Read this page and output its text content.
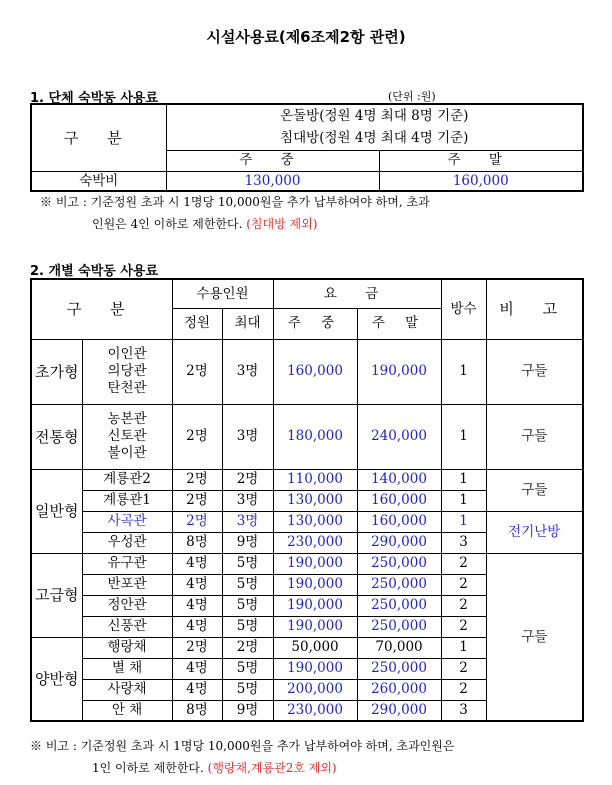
시설사용료(제6조제2항 관련)
1. 단체 숙박동 사용료	(단위 :원)
구 분	온돌방(정원 4명 최대 8명 기준)	
	침대방(정원 4명 최대 4명 기준)	
	주 중	주 말
숙박비	130,000	160,000
※ 비고 : 기준정원 초과 시 1명당 10,000원을 추가 납부하여야 하며, 초과
인원은 4인 이하로 제한한다. (침대방 제외)
2. 개별 숙박동 사용료
구 분		수용인원		요 금		방수	비 고
		정원	최대	주 중	주 말		
초가형	이인관
의당관
탄천관	2명	3명	160,000	190,000	1	구들
전통형	농본관
신토관
불이관	2명	3명	180,000	240,000	1	구들
일반형	계룡관2	2명	2명	110,000	140,000	1	구들
	계룡관1	2명	3명	130,000	160,000	1	
	사곡관	2명	3명	130,000	160,000	1	전기난방
	우성관	8명	9명	230,000	290,000	3	
고급형	유구관	4명	5명	190,000	250,000	2	구들
	반포관	4명	5명	190,000	250,000	2	
	정안관	4명	5명	190,000	250,000	2	
	신풍관	4명	5명	190,000	250,000	2	
양반형	행랑채	2명	2명	50,000	70,000	1	
	별 채	4명	5명	190,000	250,000	2	
	사랑채	4명	5명	200,000	260,000	2	
	안 채	8명	9명	230,000	290,000	3	
※ 비고 : 기준정원 초과 시 1명당 10,000원을 추가 납부하여야 하며, 초과인원은
1인 이하로 제한한다. (행랑채,계룡관2호 제외)
